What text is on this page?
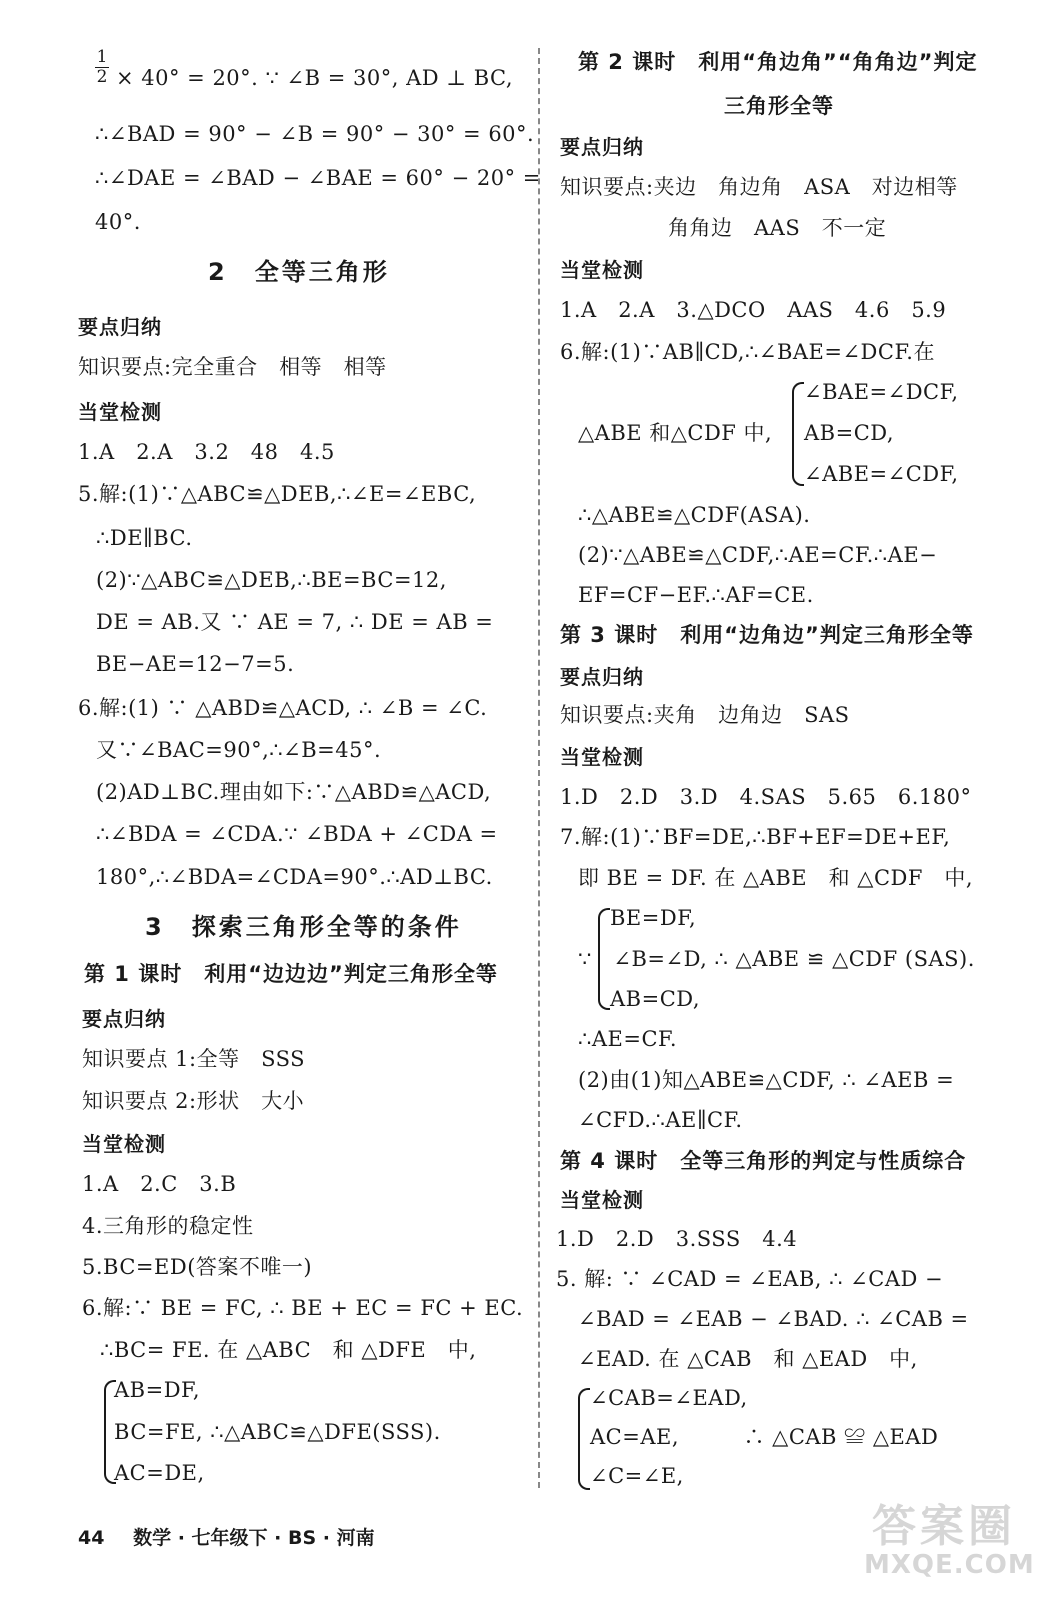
$\frac{1}{2} \times 40^\circ = 20^\circ$. ∵ ∠B = 30°, AD ⊥ BC,
∴∠BAD = 90° − ∠B = 90° − 30° = 60°.
∴∠DAE = ∠BAD − ∠BAE = 60° − 20° =
40°.
2　全等三角形
要点归纳
知识要点:完全重合　相等　相等
当堂检测
1.A　2.A　3.2　48　4.5
5.解:(1)∵△ABC≌△DEB,∴∠E=∠EBC,
∴DE∥BC.
(2)∵△ABC≌△DEB,∴BE=BC=12,
DE = AB.又 ∵ AE = 7, ∴ DE = AB =
BE−AE=12−7=5.
6.解:(1) ∵ △ABD≌△ACD, ∴ ∠B = ∠C.
又∵∠BAC=90°,∴∠B=45°.
(2)AD⊥BC.理由如下:∵△ABD≌△ACD,
∴∠BDA = ∠CDA.∵ ∠BDA + ∠CDA =
180°,∴∠BDA=∠CDA=90°.∴AD⊥BC.
3　探索三角形全等的条件
第 1 课时　利用“边边边”判定三角形全等
要点归纳
知识要点 1:全等　SSS
知识要点 2:形状　大小
当堂检测
1.A　2.C　3.B
4.三角形的稳定性
5.BC=ED(答案不唯一)
6.解:∵ BE = FC, ∴ BE + EC = FC + EC.
∴BC= FE. 在 △ABC　和 △DFE　中,
AB=DF,
BC=FE, ∴△ABC≌△DFE(SSS).
AC=DE,
第 2 课时　利用“角边角”“角角边”判定
三角形全等
要点归纳
知识要点:夹边　角边角　ASA　对边相等
角角边　AAS　不一定
当堂检测
1.A　2.A　3.△DCO　AAS　4.6　5.9
6.解:(1)∵AB∥CD,∴∠BAE=∠DCF.在
∠BAE=∠DCF,
△ABE 和△CDF 中, AB=CD,
∠ABE=∠CDF,
∴△ABE≌△CDF(ASA).
(2)∵△ABE≌△CDF,∴AE=CF.∴AE−
EF=CF−EF.∴AF=CE.
第 3 课时　利用“边角边”判定三角形全等
要点归纳
知识要点:夹角　边角边　SAS
当堂检测
1.D　2.D　3.D　4.SAS　5.65　6.180°
7.解:(1)∵BF=DE,∴BF+EF=DE+EF,
即 BE = DF. 在 △ABE　和 △CDF　中,
BE=DF,
∵　∠B=∠D, ∴ △ABE ≌ △CDF (SAS).
AB=CD,
∴AE=CF.
(2)由(1)知△ABE≌△CDF, ∴ ∠AEB =
∠CFD.∴AE∥CF.
第 4 课时　全等三角形的判定与性质综合
当堂检测
1.D　2.D　3.SSS　4.4
5. 解: ∵ ∠CAD = ∠EAB, ∴ ∠CAD −
∠BAD = ∠EAB − ∠BAD. ∴ ∠CAB =
∠EAD. 在 △CAB　和 △EAD　中,
∠CAB=∠EAD,
AC=AE,　　　∴ △CAB ≌ △EAD
∠C=∠E,
44 数学 · 七年级下 · BS · 河南	答案圈
MXQE.COM
